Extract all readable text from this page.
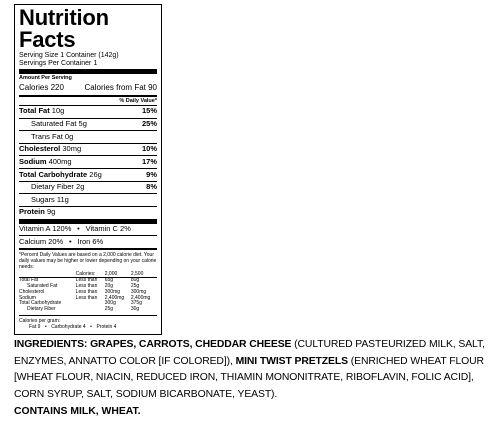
Nutrition Facts
Serving Size 1 Container (142g)
Servings Per Container 1
Amount Per Serving
Calories 220	Calories from Fat 90
% Daily Value*
Total Fat 10g	15%
Saturated Fat 5g	25%
Trans Fat 0g
Cholesterol 30mg	10%
Sodium 400mg	17%
Total Carbohydrate 26g	9%
Dietary Fiber 2g	8%
Sugars 11g
Protein 9g
Vitamin A 120% • Vitamin C 2%
Calcium 20% • Iron 6%
*Percent Daily Values are based on a 2,000 calorie diet. Your daily values may be higher or lower depending on your calorie needs:
	Calories:	2,000	2,500
Total Fat	Less than	65g	80g
Saturated Fat	Less than	20g	25g
Cholesterol	Less than	300mg	300mg
Sodium	Less than	2,400mg	2,400mg
Total Carbohydrate		300g	375g
Dietary Fiber		25g	30g
Calories per gram:
Fat 9 • Carbohydrate 4 • Protein 4
INGREDIENTS: GRAPES, CARROTS, CHEDDAR CHEESE (CULTURED PASTEURIZED MILK, SALT, ENZYMES, ANNATTO COLOR [IF COLORED]), MINI TWIST PRETZELS (ENRICHED WHEAT FLOUR [WHEAT FLOUR, NIACIN, REDUCED IRON, THIAMIN MONONITRATE, RIBOFLAVIN, FOLIC ACID], CORN SYRUP, SALT, SODIUM BICARBONATE, YEAST).
CONTAINS MILK, WHEAT.
